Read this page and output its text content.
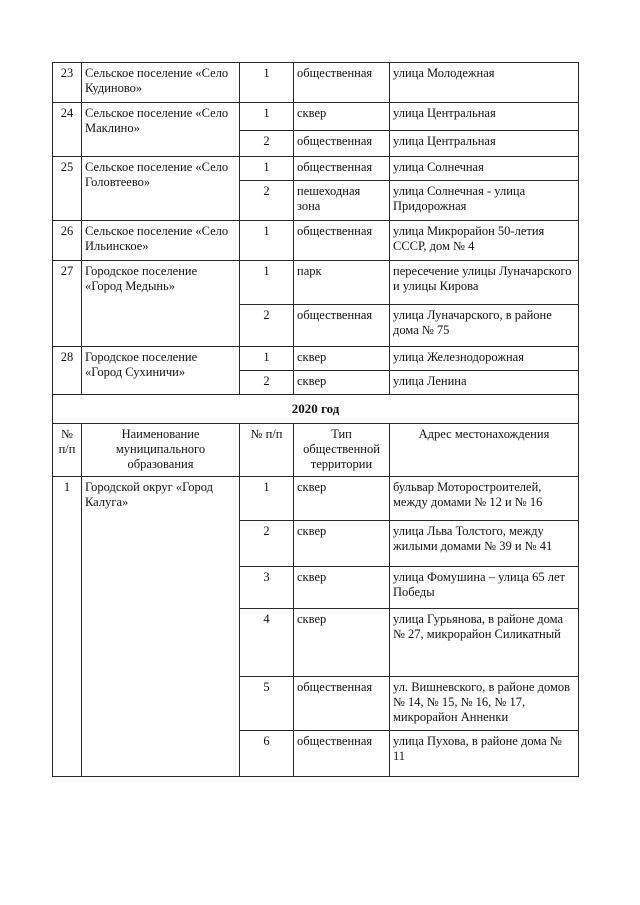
23	Сельское поселение «Село Кудиново»	1	общественная	улица Молодежная
24	Сельское поселение «Село Маклино»	1	сквер	улица Центральная
		2	общественная	улица Центральная
25	Сельское поселение «Село Головтеево»	1	общественная	улица Солнечная
		2	пешеходная зона	улица Солнечная - улица Придорожная
26	Сельское поселение «Село Ильинское»	1	общественная	улица Микрорайон 50-летия СССР, дом № 4
27	Городское поселение «Город Медынь»	1	парк	пересечение улицы Луначарского и улицы Кирова
		2	общественная	улица Луначарского, в районе дома № 75
28	Городское поселение «Город Сухиничи»	1	сквер	улица Железнодорожная
		2	сквер	улица Ленина
2020 год				
№ п/п	Наименование муниципального образования	№ п/п	Тип общественной территории	Адрес местонахождения
1	Городской округ «Город Калуга»	1	сквер	бульвар Моторостроителей, между домами № 12 и № 16
		2	сквер	улица Льва Толстого, между жилыми домами № 39 и № 41
		3	сквер	улица Фомушина – улица 65 лет Победы
		4	сквер	улица Гурьянова, в районе дома № 27, микрорайон Силикатный
		5	общественная	ул. Вишневского, в районе домов № 14, № 15, № 16, № 17, микрорайон Анненки
		6	общественная	улица Пухова, в районе дома № 11
